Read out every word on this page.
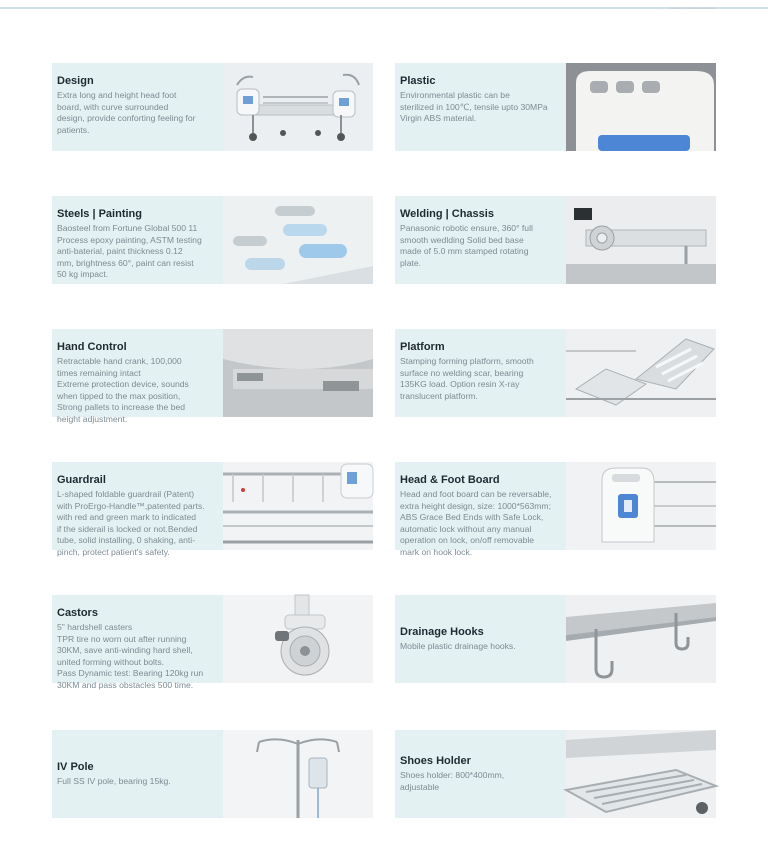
━━━━━━━━
Design

Extra long and height head foot
board, with curve surrounded
design, provide conforting feeling for
patients.

Plastic

Environmental plastic can be
sterilized in 100℃, tensile upto 30MPa
Virgin ABS material.

Steels | Painting

Baosteel from Fortune Global 500 11
Process epoxy painting, ASTM testing
anti-baterial, paint thickness 0.12
mm, brightness 60°, paint can resist
50 kg impact.

Welding | Chassis

Panasonic robotic ensure, 360° full
smooth wedlding Solid bed base
made of 5.0 mm stamped rotating
plate.

Hand Control

Retractable hand crank, 100,000
times remaining intact
Extreme protection device, sounds
when tipped to the max position,
Strong pallets to increase the bed
height adjustment.

Platform

Stamping forming platform, smooth
surface no welding scar, bearing
135KG load. Option resin X-ray
translucent platform.

Guardrail

L-shaped foldable guardrail (Patent)
with ProErgo-Handle™,patented parts.
with red and green mark to indicated
if the siderail is locked or not.Bended
tube, solid installing, 0 shaking, anti-
pinch, protect patient's safety.

Head & Foot Board

Head and foot board can be reversable,
extra height design, size: 1000*563mm;
ABS Grace Bed Ends with Safe Lock,
automatic lock without any manual
operation on lock, on/off removable
mark on hook lock.

Castors

5" hardshell casters
TPR tire no worn out after running
30KM, save anti-winding hard shell,
united forming without bolts.
Pass Dynamic test: Bearing 120kg run
30KM and pass obstacles 500 time.

Drainage Hooks

Mobile plastic drainage hooks.

IV Pole

Full SS IV pole, bearing 15kg.

Shoes Holder

Shoes holder: 800*400mm,
adjustable
